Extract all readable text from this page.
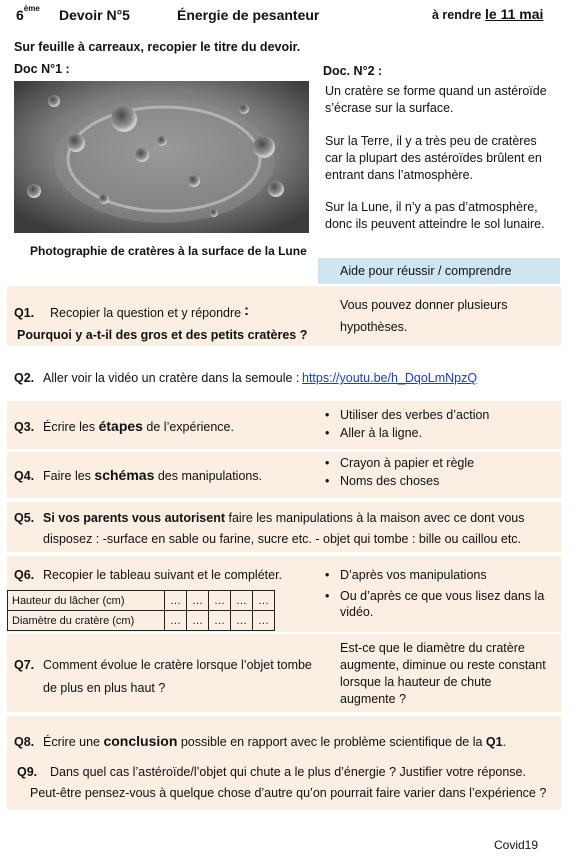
6ème Devoir N°5	Énergie de pesanteur	à rendre le 11 mai
Sur feuille à carreaux, recopier le titre du devoir.
Doc N°1 :
Photographie de cratères à la surface de la Lune
Doc. N°2 :
Un cratère se forme quand un astéroïde
s’écrase sur la surface.
Sur la Terre, il y a très peu de cratères
car la plupart des astéroïdes brûlent en
entrant dans l’atmosphère.
Sur la Lune, il n’y a pas d’atmosphère,
donc ils peuvent atteindre le sol lunaire.
Aide pour réussir / comprendre
Q1. Recopier la question et y répondre :
Pourquoi y a-t-il des gros et des petits cratères ?
Vous pouvez donner plusieurs
hypothèses.
Q2. Aller voir la vidéo un cratère dans la semoule : https://youtu.be/h_DqoLmNpzQ
Q3. Écrire les étapes de l’expérience.
• Utiliser des verbes d’action
• Aller à la ligne.
Q4. Faire les schémas des manipulations.
• Crayon à papier et règle
• Noms des choses
Q5. Si vos parents vous autorisent faire les manipulations à la maison avec ce dont vous
disposez : -surface en sable ou farine, sucre etc. - objet qui tombe : bille ou caillou etc.
Q6. Recopier le tableau suivant et le compléter.
Hauteur du lâcher (cm)	…	…	…	…	…
Diamètre du cratère (cm)	…	…	…	…	…
• D’après vos manipulations
• Ou d’après ce que vous lisez dans la
vidéo.
Q7. Comment évolue le cratère lorsque l’objet tombe
de plus en plus haut ?
Est-ce que le diamètre du cratère
augmente, diminue ou reste constant
lorsque la hauteur de chute
augmente ?
Q8. Écrire une conclusion possible en rapport avec le problème scientifique de la Q1.
Q9. Dans quel cas l’astéroïde/l’objet qui chute a le plus d’énergie ? Justifier votre réponse.
Peut-être pensez-vous à quelque chose d’autre qu’on pourrait faire varier dans l’expérience ?
Covid19
